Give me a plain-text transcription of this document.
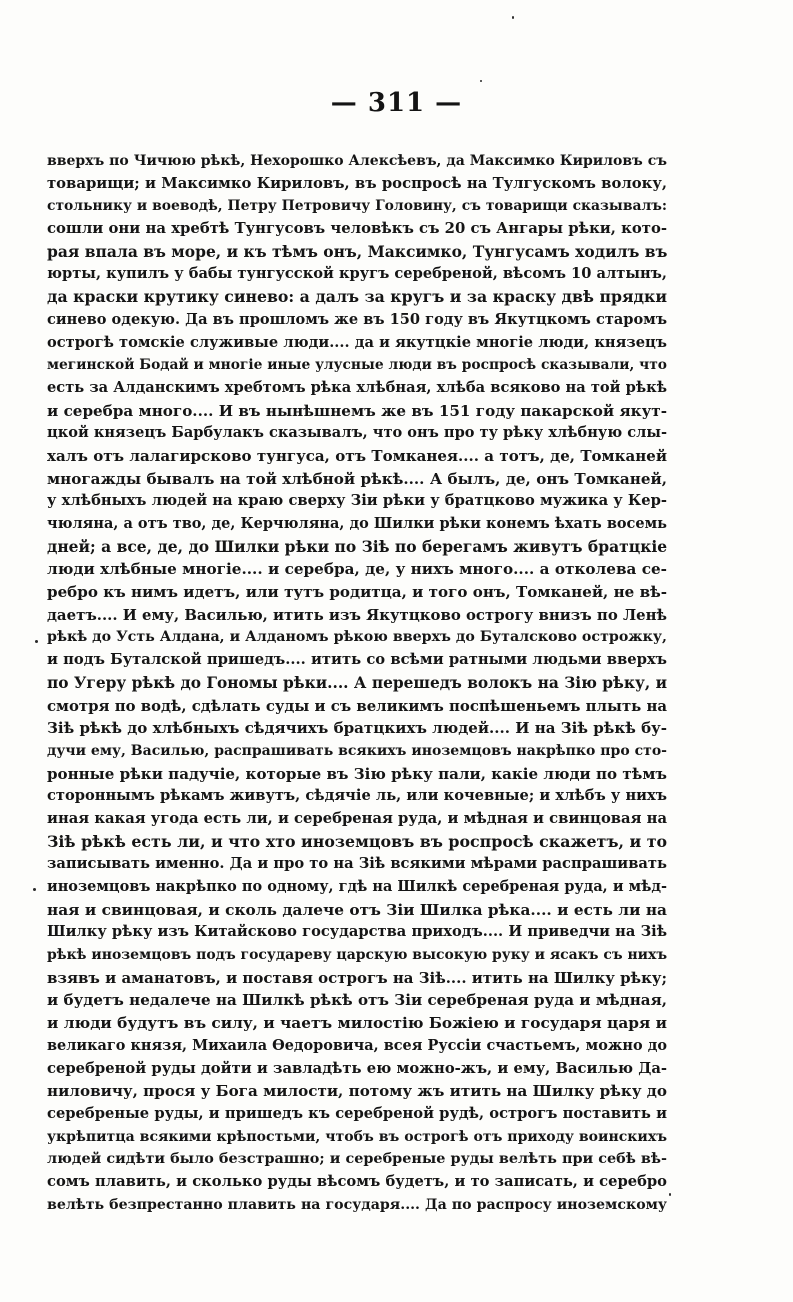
— 311 —
вверхъ по Чичюю рѣкѣ, Нехорошко Алексѣевъ, да Максимко Кириловъ съ
товарищи; и Максимко Кириловъ, въ роспросѣ на Тулгускомъ волоку,
стольнику и воеводѣ, Петру Петровичу Головину, съ товарищи сказывалъ:
сошли они на хребтѣ Тунгусовъ человѣкъ съ 20 съ Ангары рѣки, кото-
рая впала въ море, и къ тѣмъ онъ, Максимко, Тунгусамъ ходилъ въ
юрты, купилъ у бабы тунгусской кругъ серебреной, вѣсомъ 10 алтынъ,
да краски крутику синево: а далъ за кругъ и за краску двѣ прядки
синево одекую. Да въ прошломъ же въ 150 году въ Якутцкомъ старомъ
острогѣ томскіе служивые люди.... да и якутцкіе многіе люди, князецъ
мегинской Бодай и многіе иные улусные люди въ роспросѣ сказывали, что
есть за Алданскимъ хребтомъ рѣка хлѣбная, хлѣба всяково на той рѣкѣ
и серебра много.... И въ нынѣшнемъ же въ 151 году пакарской якут-
цкой князецъ Барбулакъ сказывалъ, что онъ про ту рѣку хлѣбную слы-
халъ отъ лалагирсково тунгуса, отъ Томканея.... а тотъ, де, Томканей
многажды бывалъ на той хлѣбной рѣкѣ.... А былъ, де, онъ Томканей,
у хлѣбныхъ людей на краю сверху Зіи рѣки у братцково мужика у Кер-
чюляна, а отъ тво, де, Керчюляна, до Шилки рѣки конемъ ѣхать восемь
дней; а все, де, до Шилки рѣки по Зіѣ по берегамъ живутъ братцкіе
люди хлѣбные многіе.... и серебра, де, у нихъ много.... а отколева се-
ребро къ нимъ идетъ, или тутъ родитца, и того онъ, Томканей, не вѣ-
даетъ.... И ему, Василью, итить изъ Якутцково острогу внизъ по Ленѣ
рѣкѣ до Усть Алдана, и Алданомъ рѣкою вверхъ до Буталсково острожку,
и подъ Буталской пришедъ.... итить со всѣми ратными людьми вверхъ
по Угеру рѣкѣ до Гономы рѣки.... А перешедъ волокъ на Зію рѣку, и
смотря по водѣ, сдѣлать суды и съ великимъ поспѣшеньемъ плыть на
Зіѣ рѣкѣ до хлѣбныхъ сѣдячихъ братцкихъ людей.... И на Зіѣ рѣкѣ бу-
дучи ему, Василью, распрашивать всякихъ иноземцовъ накрѣпко про сто-
ронные рѣки падучіе, которые въ Зію рѣку пали, какіе люди по тѣмъ
стороннымъ рѣкамъ живутъ, сѣдячіе ль, или кочевные; и хлѣбъ у нихъ
иная какая угода есть ли, и серебреная руда, и мѣдная и свинцовая на
Зіѣ рѣкѣ есть ли, и что хто иноземцовъ въ роспросѣ скажетъ, и то
записывать именно. Да и про то на Зіѣ всякими мѣрами распрашивать
иноземцовъ накрѣпко по одному, гдѣ на Шилкѣ серебреная руда, и мѣд-
ная и свинцовая, и сколь далече отъ Зіи Шилка рѣка.... и есть ли на
Шилку рѣку изъ Китайсково государства приходъ.... И приведчи на Зіѣ
рѣкѣ иноземцовъ подъ государеву царскую высокую руку и ясакъ съ нихъ
взявъ и аманатовъ, и поставя острогъ на Зіѣ.... итить на Шилку рѣку;
и будетъ недалече на Шилкѣ рѣкѣ отъ Зіи серебреная руда и мѣдная,
и люди будутъ въ силу, и чаетъ милостію Божіею и государя царя и
великаго князя, Михаила Ѳедоровича, всея Руссіи счастьемъ, можно до
серебреной руды дойти и завладѣть ею можно-жъ, и ему, Василью Да-
ниловичу, прося у Бога милости, потому жъ итить на Шилку рѣку до
серебреные руды, и пришедъ къ серебреной рудѣ, острогъ поставить и
укрѣпитца всякими крѣпостьми, чтобъ въ острогѣ отъ приходу воинскихъ
людей сидѣти было безстрашно; и серебреные руды велѣть при себѣ вѣ-
сомъ плавить, и сколько руды вѣсомъ будетъ, и то записать, и серебро
велѣть безпрестанно плавить на государя.... Да по распросу иноземскому
